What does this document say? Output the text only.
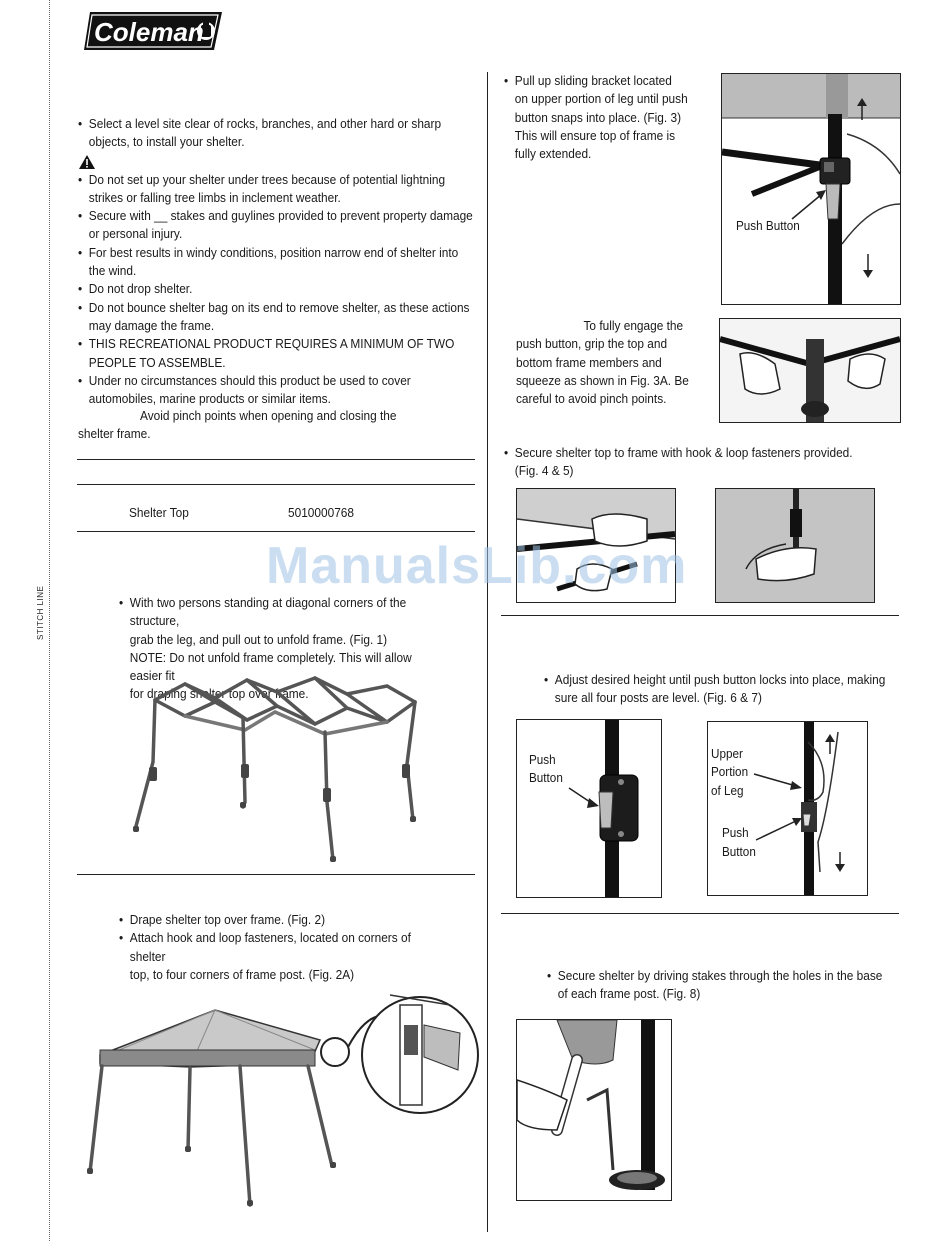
STITCH LINE
Coleman
• Select a level site clear of rocks, branches, and other hard or sharp objects, to install your shelter.
• Do not set up your shelter under trees because of potential lightning strikes or falling tree limbs in inclement weather.
• Secure with __ stakes and guylines provided to prevent property damage or personal injury.
• For best results in windy conditions, position narrow end of shelter into the wind.
• Do not drop shelter.
• Do not bounce shelter bag on its end to remove shelter, as these actions may damage the frame.
• THIS RECREATIONAL PRODUCT REQUIRES A MINIMUM OF TWO PEOPLE TO ASSEMBLE.
• Under no circumstances should this product be used to cover automobiles, marine products or similar items.
Avoid pinch points when opening and closing the
shelter frame.
Shelter Top	5010000768
• With two persons standing at diagonal corners of the structure,
grab the leg, and pull out to unfold frame. (Fig. 1)
NOTE: Do not unfold frame completely. This will allow easier fit
for draping shelter top over frame.
• Drape shelter top over frame. (Fig. 2)
• Attach hook and loop fasteners, located on corners of shelter
top, to four corners of frame post. (Fig. 2A)
• Pull up sliding bracket located
on upper portion of leg until push
button snaps into place. (Fig. 3)
This will ensure top of frame is
fully extended.
Push Button
To fully engage the
push button, grip the top and
bottom frame members and
squeeze as shown in Fig. 3A. Be
careful to avoid pinch points.
• Secure shelter top to frame with hook & loop fasteners provided.
(Fig. 4 & 5)
• Adjust desired height until push button locks into place, making
sure all four posts are level. (Fig. 6 & 7)
Push
Button
Upper
Portion
of Leg
Push
Button
• Secure shelter by driving stakes through the holes in the base
of each frame post. (Fig. 8)
ManualsLib.com
